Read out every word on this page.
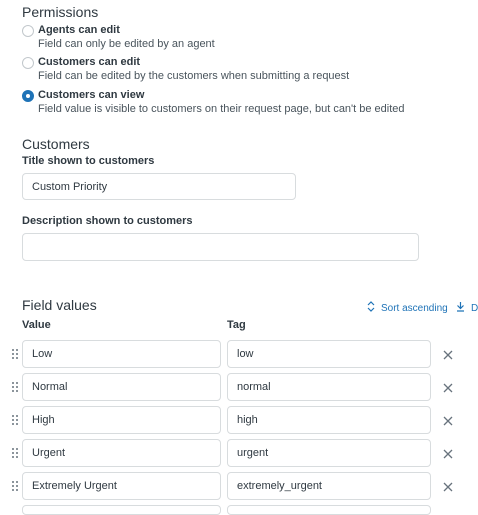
Permissions
Agents can edit
Field can only be edited by an agent
Customers can edit
Field can be edited by the customers when submitting a request
Customers can view
Field value is visible to customers on their request page, but can't be edited
Customers
Title shown to customers
Custom Priority
Description shown to customers
Field values	Sort ascending D
Value	Tag
Low	low
Normal	normal
High	high
Urgent	urgent
Extremely Urgent	extremely_urgent
